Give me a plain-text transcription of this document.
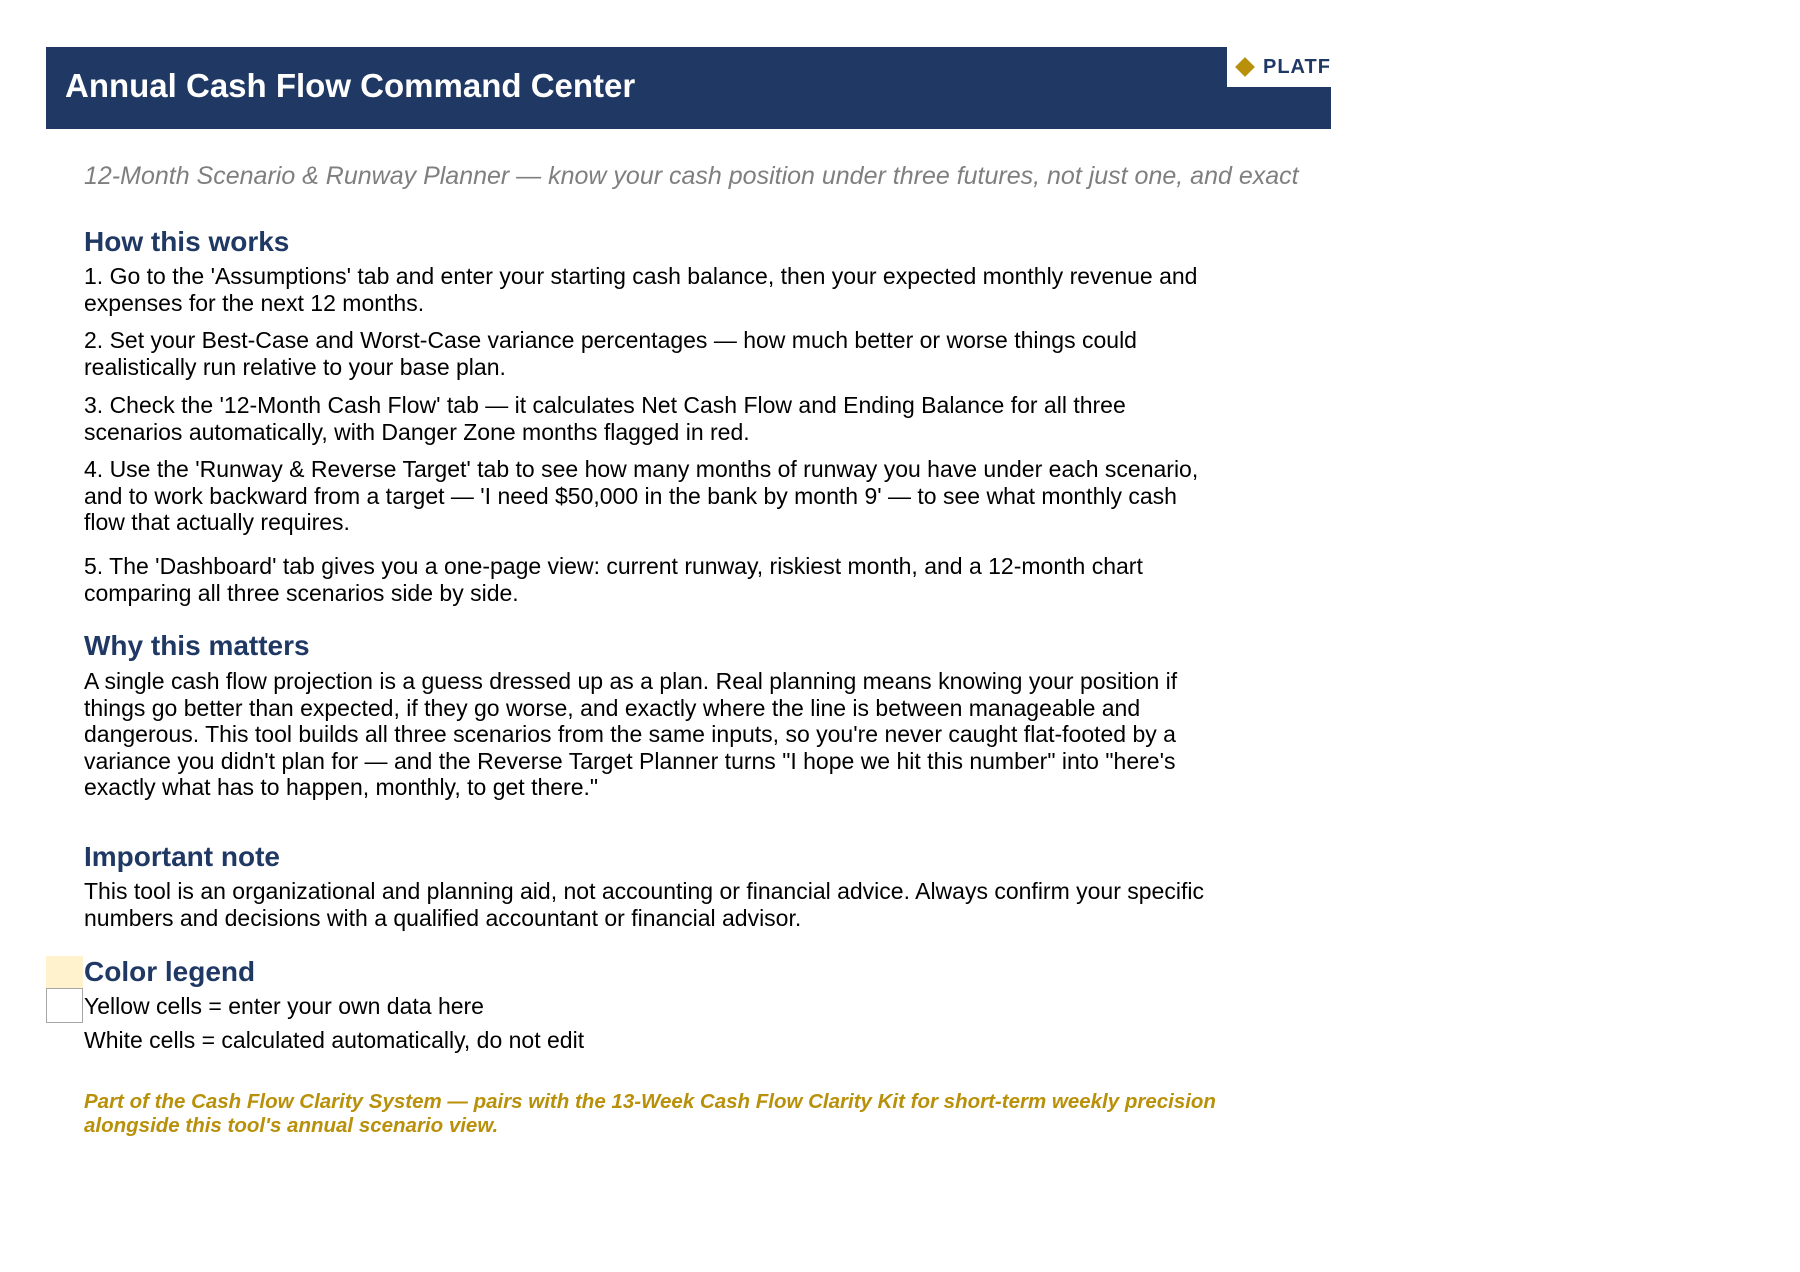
Annual Cash Flow Command Center	PLATF
12-Month Scenario & Runway Planner — know your cash position under three futures, not just one, and exact
How this works
1. Go to the 'Assumptions' tab and enter your starting cash balance, then your expected monthly revenue and expenses for the next 12 months.
2. Set your Best-Case and Worst-Case variance percentages — how much better or worse things could realistically run relative to your base plan.
3. Check the '12-Month Cash Flow' tab — it calculates Net Cash Flow and Ending Balance for all three scenarios automatically, with Danger Zone months flagged in red.
4. Use the 'Runway & Reverse Target' tab to see how many months of runway you have under each scenario, and to work backward from a target — 'I need $50,000 in the bank by month 9' — to see what monthly cash flow that actually requires.
5. The 'Dashboard' tab gives you a one-page view: current runway, riskiest month, and a 12-month chart comparing all three scenarios side by side.
Why this matters
A single cash flow projection is a guess dressed up as a plan. Real planning means knowing your position if things go better than expected, if they go worse, and exactly where the line is between manageable and dangerous. This tool builds all three scenarios from the same inputs, so you're never caught flat-footed by a variance you didn't plan for — and the Reverse Target Planner turns "I hope we hit this number" into "here's exactly what has to happen, monthly, to get there."
Important note
This tool is an organizational and planning aid, not accounting or financial advice. Always confirm your specific numbers and decisions with a qualified accountant or financial advisor.
Color legend
Yellow cells = enter your own data here
White cells = calculated automatically, do not edit
Part of the Cash Flow Clarity System — pairs with the 13-Week Cash Flow Clarity Kit for short-term weekly precision alongside this tool's annual scenario view.
